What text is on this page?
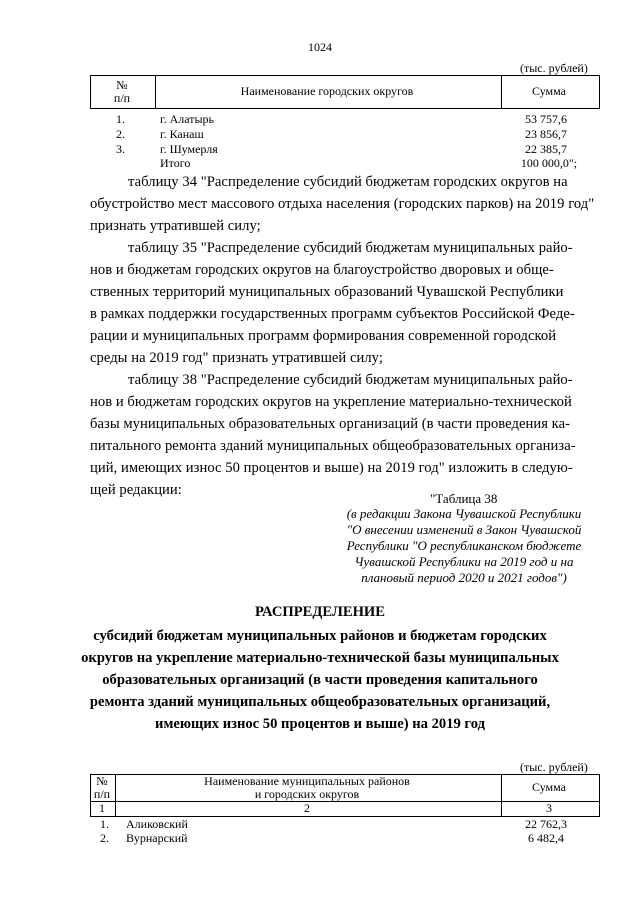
1024
(тыс. рублей)
№
п/п	Наименование городских округов	Сумма
1.	г. Алатырь	53 757,6
2.	г. Канаш	23 856,7
3.	г. Шумерля	22 385,7
Итого	100 000,0";
таблицу 34 "Распределение субсидий бюджетам городских округов на
обустройство мест массового отдыха населения (городских парков) на 2019 год"
признать утратившей силу;
таблицу 35 "Распределение субсидий бюджетам муниципальных райо-
нов и бюджетам городских округов на благоустройство дворовых и обще-
ственных территорий муниципальных образований Чувашской Республики
в рамках поддержки государственных программ субъектов Российской Феде-
рации и муниципальных программ формирования современной городской
среды на 2019 год" признать утратившей силу;
таблицу 38 "Распределение субсидий бюджетам муниципальных райо-
нов и бюджетам городских округов на укрепление материально-технической
базы муниципальных образовательных организаций (в части проведения ка-
питального ремонта зданий муниципальных общеобразовательных организа-
ций, имеющих износ 50 процентов и выше) на 2019 год" изложить в следую-
щей редакции:
"Таблица 38
(в редакции Закона Чувашской Республики
"О внесении изменений в Закон Чувашской
Республики "О республиканском бюджете
Чувашской Республики на 2019 год и на
плановый период 2020 и 2021 годов")
РАСПРЕДЕЛЕНИЕ
субсидий бюджетам муниципальных районов и бюджетам городских
округов на укрепление материально-технической базы муниципальных
образовательных организаций (в части проведения капитального
ремонта зданий муниципальных общеобразовательных организаций,
имеющих износ 50 процентов и выше) на 2019 год
(тыс. рублей)
№
п/п
Наименование муниципальных районов
и городских округов	Сумма
1	2	3
1. Аликовский	22 762,3
2. Вурнарский	6 482,4
